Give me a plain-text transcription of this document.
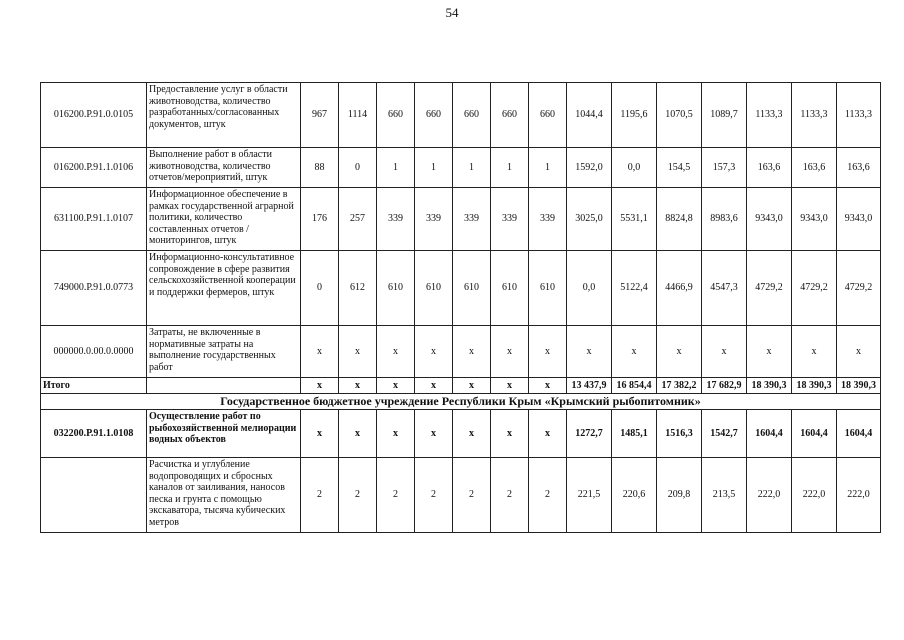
54
016200.Р.91.0.0105	Предоставление услуг в области животноводства, количество разработанных/согласованных документов, штук	967	1114	660	660	660	660	660	1044,4	1195,6	1070,5	1089,7	1133,3	1133,3	1133,3
016200.Р.91.1.0106	Выполнение работ в области животноводства, количество отчетов/мероприятий, штук	88	0	1	1	1	1	1	1592,0	0,0	154,5	157,3	163,6	163,6	163,6
631100.Р.91.1.0107	Информационное обеспечение в рамках государственной аграрной политики, количество составленных отчетов / мониторингов, штук	176	257	339	339	339	339	339	3025,0	5531,1	8824,8	8983,6	9343,0	9343,0	9343,0
749000.Р.91.0.0773	Информационно-консультативное сопровождение в сфере развития сельскохозяйственной кооперации и поддержки фермеров, штук	0	612	610	610	610	610	610	0,0	5122,4	4466,9	4547,3	4729,2	4729,2	4729,2
000000.0.00.0.0000	Затраты, не включенные в нормативные затраты на выполнение государственных работ	x	x	x	x	x	x	x	x	x	x	x	x	x	x
Итого		x	x	x	x	x	x	x	13 437,9	16 854,4	17 382,2	17 682,9	18 390,3	18 390,3	18 390,3
Государственное бюджетное учреждение Республики Крым «Крымский рыбопитомник»															
032200.Р.91.1.0108	Осуществление работ по рыбохозяйственной мелиорации водных объектов	x	x	x	x	x	x	x	1272,7	1485,1	1516,3	1542,7	1604,4	1604,4	1604,4
	Расчистка и углубление водопроводящих и сбросных каналов от заиливания, наносов песка и грунта с помощью экскаватора, тысяча кубических метров	2	2	2	2	2	2	2	221,5	220,6	209,8	213,5	222,0	222,0	222,0
